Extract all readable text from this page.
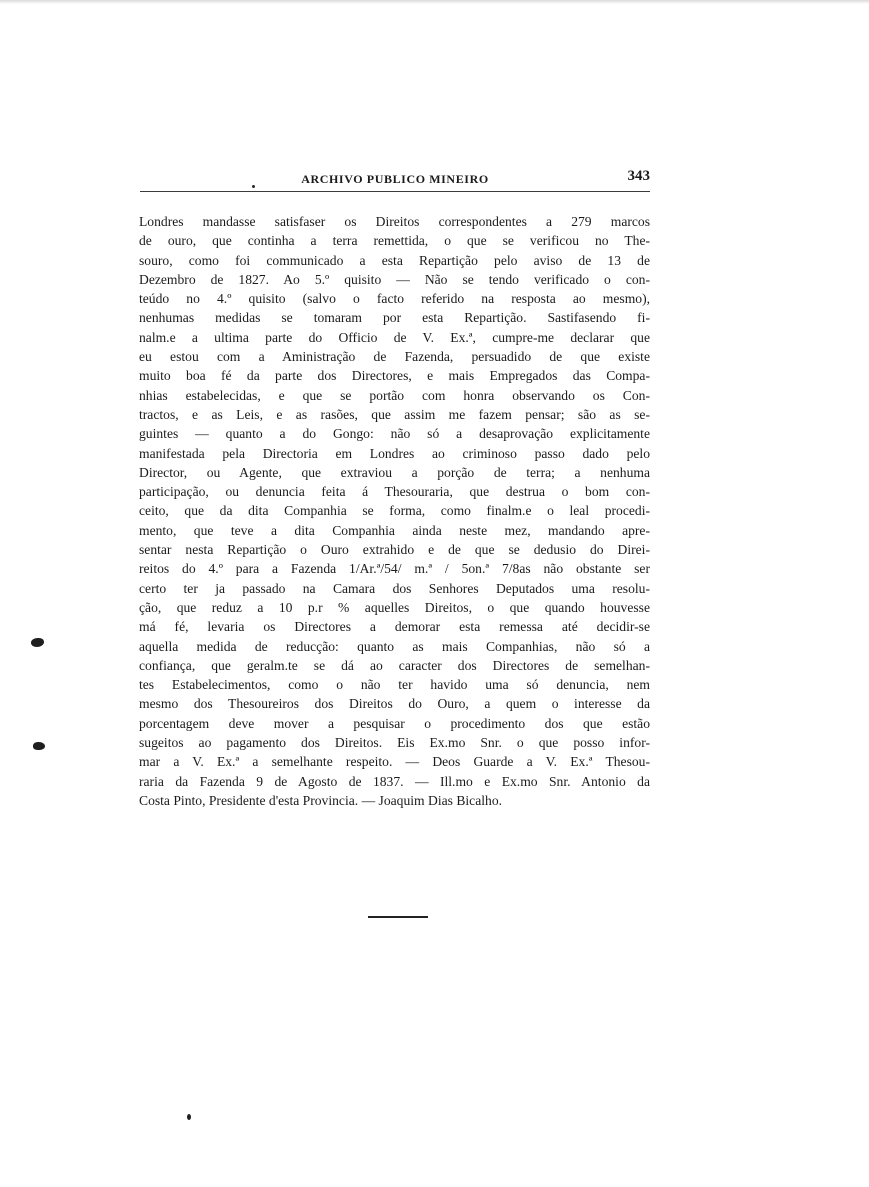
ARCHIVO PUBLICO MINEIRO	343
Londres mandasse satisfaser os Direitos correspondentes a 279 marcos
de ouro, que continha a terra remettida, o que se verificou no The-
souro, como foi communicado a esta Repartição pelo aviso de 13 de
Dezembro de 1827. Ao 5.º quisito — Não se tendo verificado o con-
teúdo no 4.º quisito (salvo o facto referido na resposta ao mesmo),
nenhumas medidas se tomaram por esta Repartição. Sastifasendo fi-
nalm.e a ultima parte do Officio de V. Ex.ª, cumpre-me declarar que
eu estou com a Aministração de Fazenda, persuadido de que existe
muito boa fé da parte dos Directores, e mais Empregados das Compa-
nhias estabelecidas, e que se portão com honra observando os Con-
tractos, e as Leis, e as rasões, que assim me fazem pensar; são as se-
guintes — quanto a do Gongo: não só a desaprovação explicitamente
manifestada pela Directoria em Londres ao criminoso passo dado pelo
Director, ou Agente, que extraviou a porção de terra; a nenhuma
participação, ou denuncia feita á Thesouraria, que destrua o bom con-
ceito, que da dita Companhia se forma, como finalm.e o leal procedi-
mento, que teve a dita Companhia ainda neste mez, mandando apre-
sentar nesta Repartição o Ouro extrahido e de que se dedusio do Direi-
reitos do 4.º para a Fazenda 1/Ar.ª/54/ m.ª / 5on.ª 7/8as não obstante ser
certo ter ja passado na Camara dos Senhores Deputados uma resolu-
ção, que reduz a 10 p.r % aquelles Direitos, o que quando houvesse
má fé, levaria os Directores a demorar esta remessa até decidir-se
aquella medida de reducção: quanto as mais Companhias, não só a
confiança, que geralm.te se dá ao caracter dos Directores de semelhan-
tes Estabelecimentos, como o não ter havido uma só denuncia, nem
mesmo dos Thesoureiros dos Direitos do Ouro, a quem o interesse da
porcentagem deve mover a pesquisar o procedimento dos que estão
sugeitos ao pagamento dos Direitos. Eis Ex.mo Snr. o que posso infor-
mar a V. Ex.ª a semelhante respeito. — Deos Guarde a V. Ex.ª Thesou-
raria da Fazenda 9 de Agosto de 1837. — Ill.mo e Ex.mo Snr. Antonio da
Costa Pinto, Presidente d'esta Provincia. — Joaquim Dias Bicalho.
